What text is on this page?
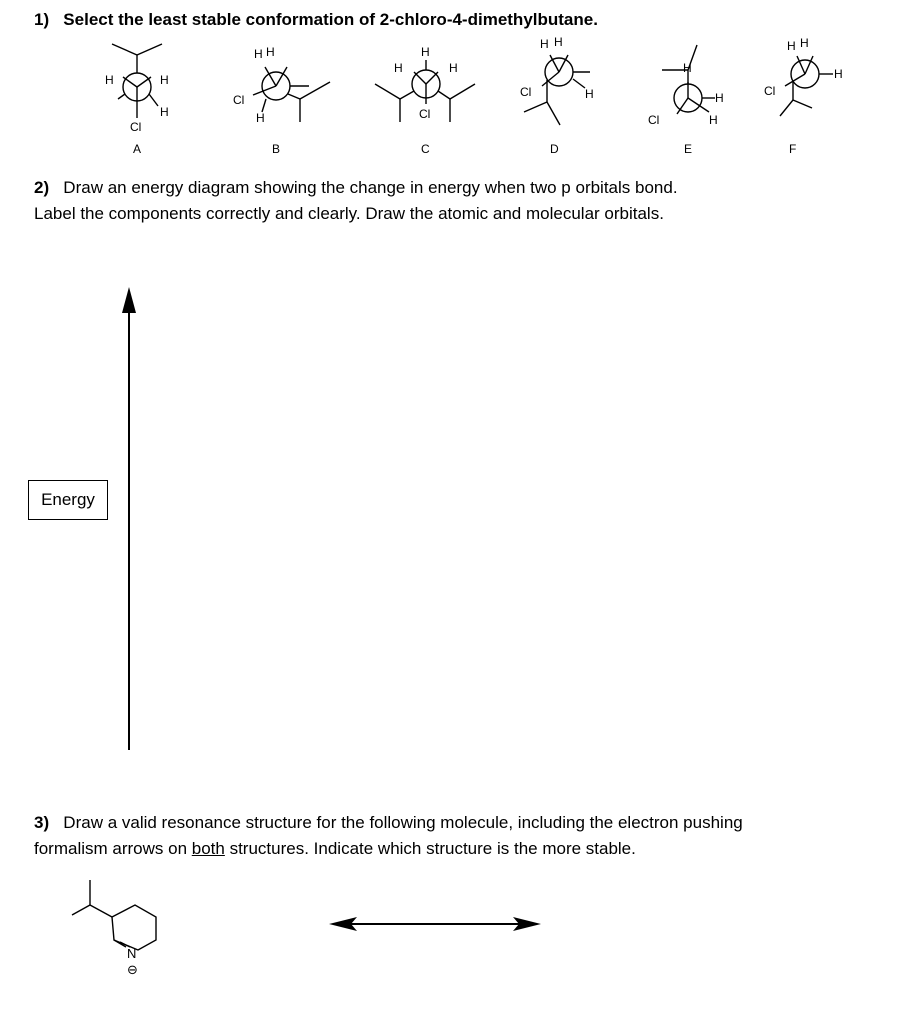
1) Select the least stable conformation of 2-chloro-4-dimethylbutane.
H	H
H
Cl
A
H H
Cl
H
B
H
H	H
Cl
C
H H
Cl	H
D
H
H
H
Cl
E
H H
H
Cl
F
2) Draw an energy diagram showing the change in energy when two p orbitals bond.
Label the components correctly and clearly. Draw the atomic and molecular orbitals.
Energy
3) Draw a valid resonance structure for the following molecule, including the electron pushing
formalism arrows on both structures. Indicate which structure is the more stable.
N
⊖
